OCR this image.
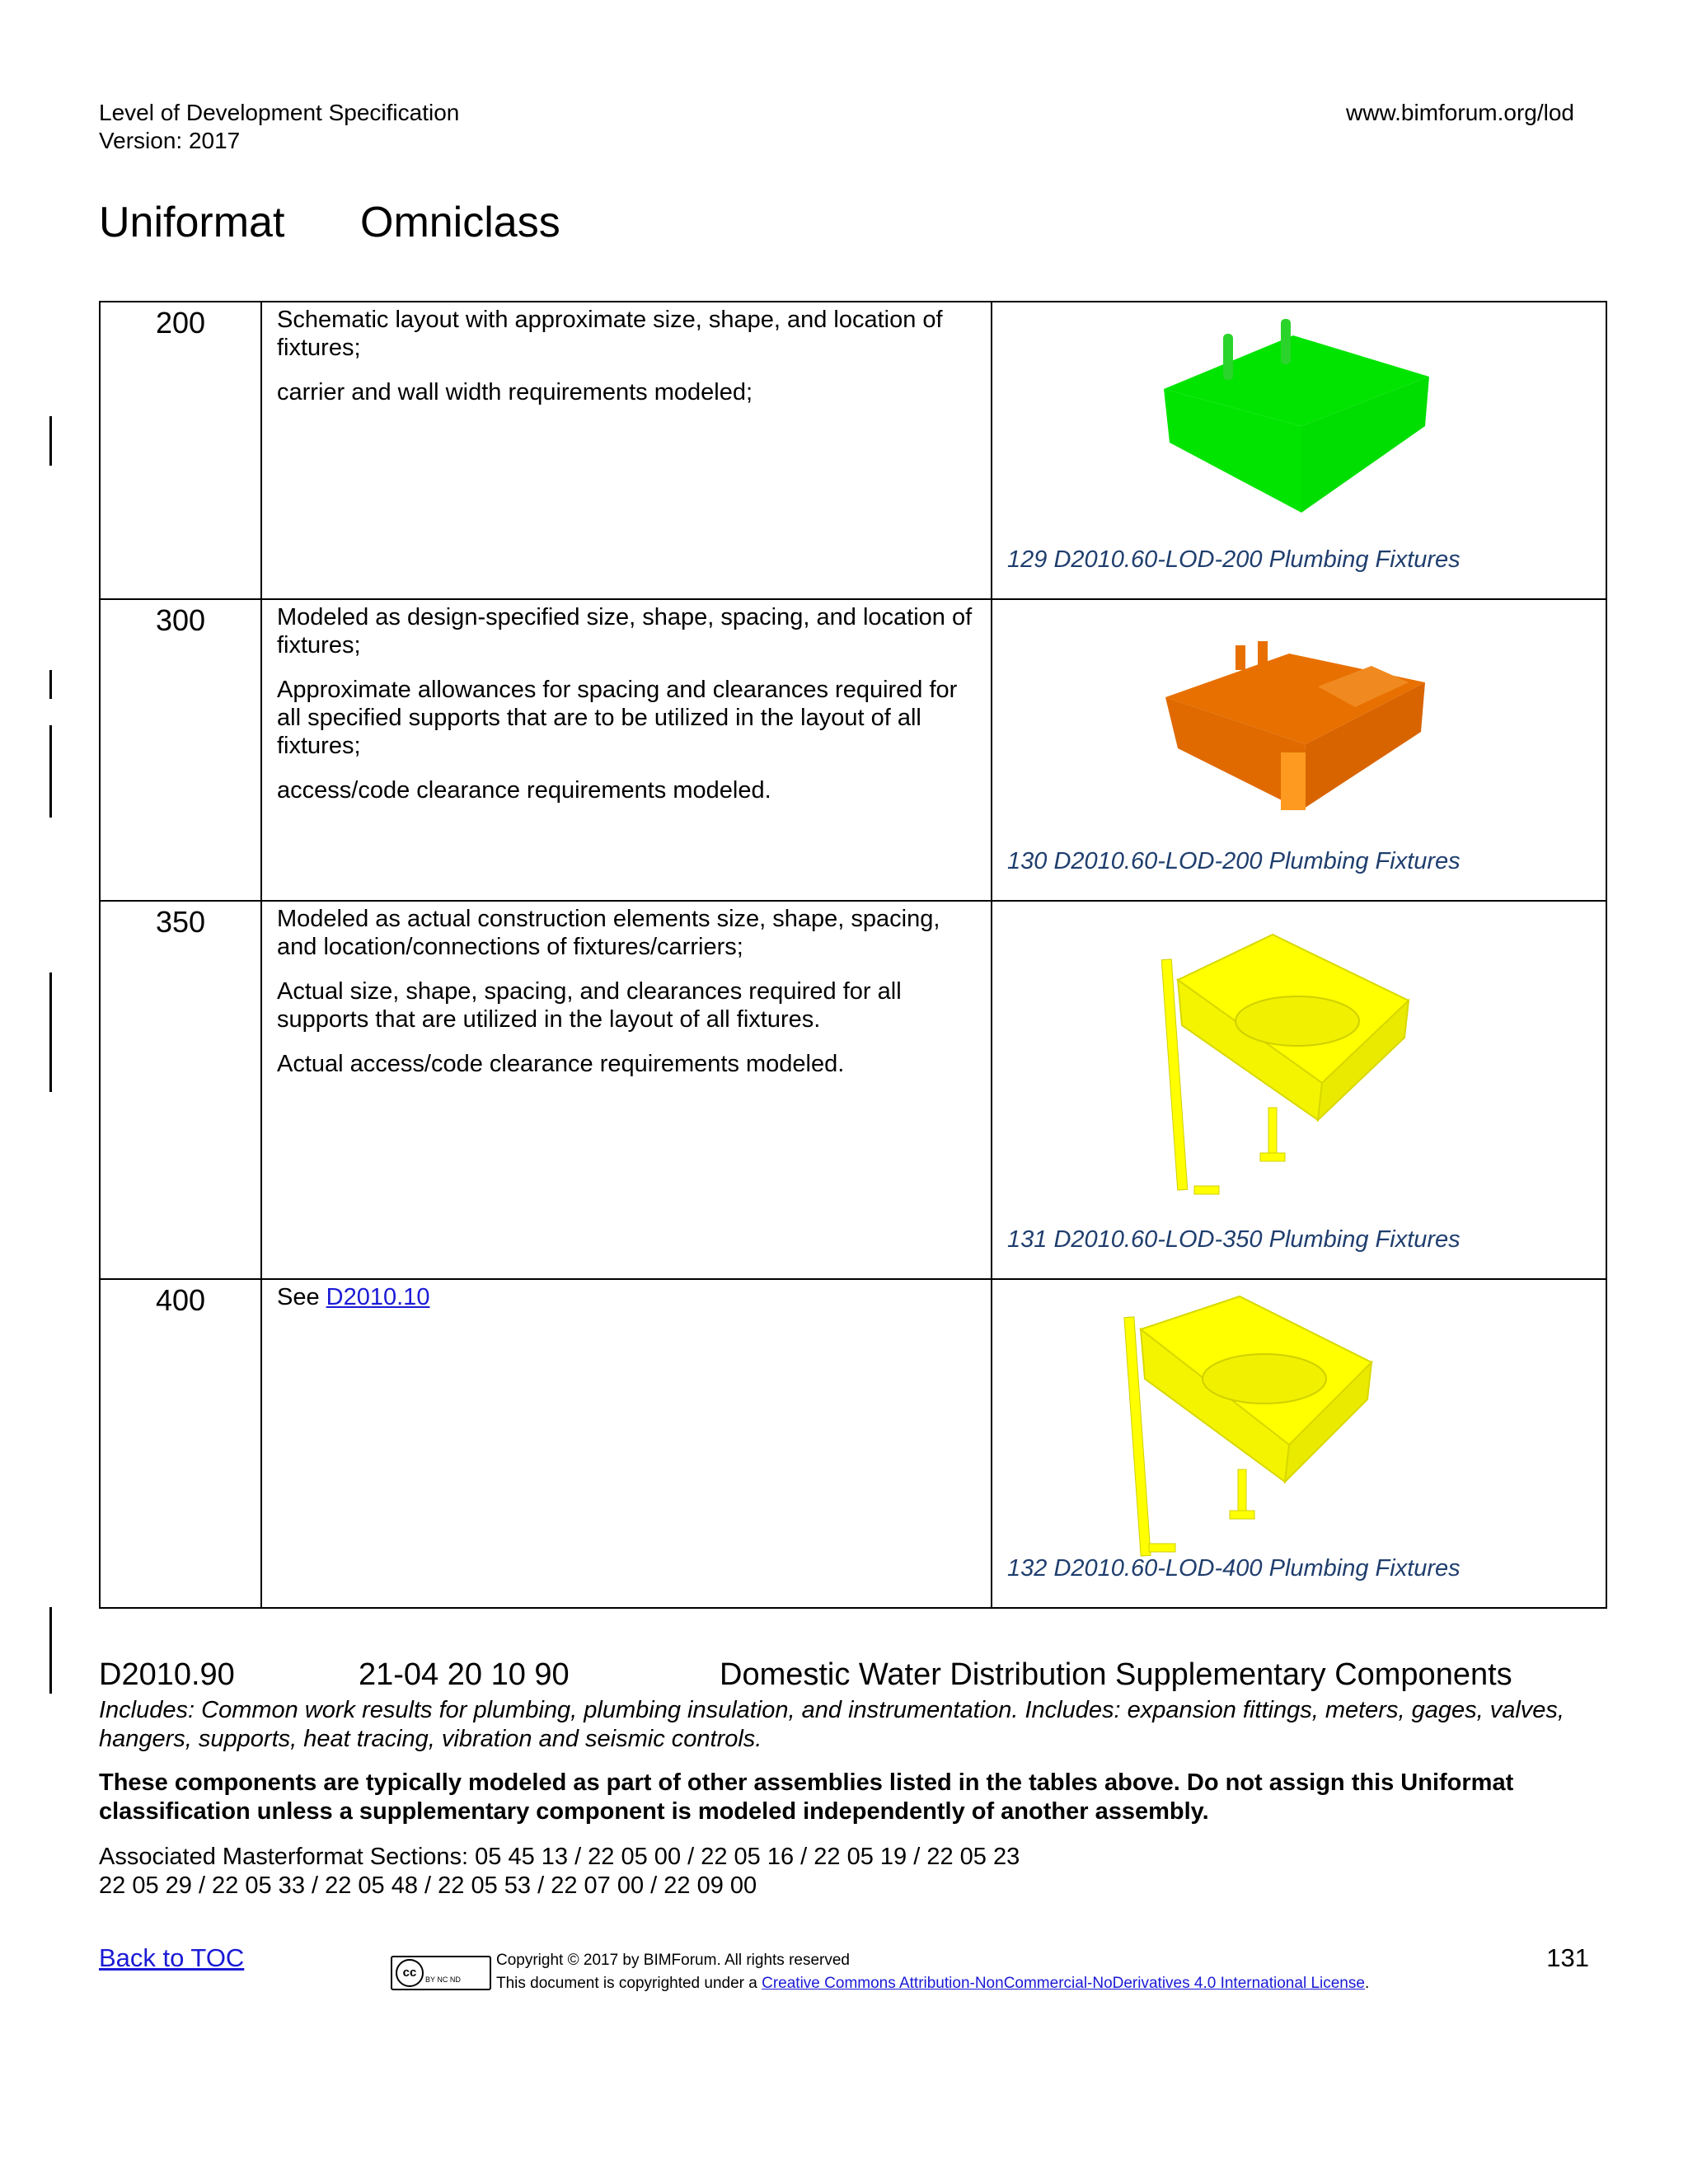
Level of Development Specification
Version: 2017
www.bimforum.org/lod
Uniformat Omniclass
200	Schematic layout with approximate size, shape, and location of fixtures;

carrier and wall width requirements modeled;	129 D2010.60-LOD-200 Plumbing Fixtures

300	Modeled as design-specified size, shape, spacing, and location of fixtures;

Approximate allowances for spacing and clearances required for all specified supports that are to be utilized in the layout of all fixtures;

access/code clearance requirements modeled.	130 D2010.60-LOD-200 Plumbing Fixtures

350	Modeled as actual construction elements size, shape, spacing, and location/connections of fixtures/carriers;

Actual size, shape, spacing, and clearances required for all supports that are utilized in the layout of all fixtures.

Actual access/code clearance requirements modeled.	131 D2010.60-LOD-350 Plumbing Fixtures

400	See D2010.10	132 D2010.60-LOD-400 Plumbing Fixtures
D2010.90	21-04 20 10 90	Domestic Water Distribution Supplementary Components
Includes: Common work results for plumbing, plumbing insulation, and instrumentation. Includes: expansion fittings, meters, gages, valves, hangers, supports, heat tracing, vibration and seismic controls.
These components are typically modeled as part of other assemblies listed in the tables above. Do not assign this Uniformat classification unless a supplementary component is modeled independently of another assembly.
Associated Masterformat Sections: 05 45 13 / 22 05 00 / 22 05 16 / 22 05 19 / 22 05 23
22 05 29 / 22 05 33 / 22 05 48 / 22 05 53 / 22 07 00 / 22 09 00
Back to TOC
cc	BY NC ND
Copyright © 2017 by BIMForum. All rights reserved
This document is copyrighted under a Creative Commons Attribution-NonCommercial-NoDerivatives 4.0 International License.
131
